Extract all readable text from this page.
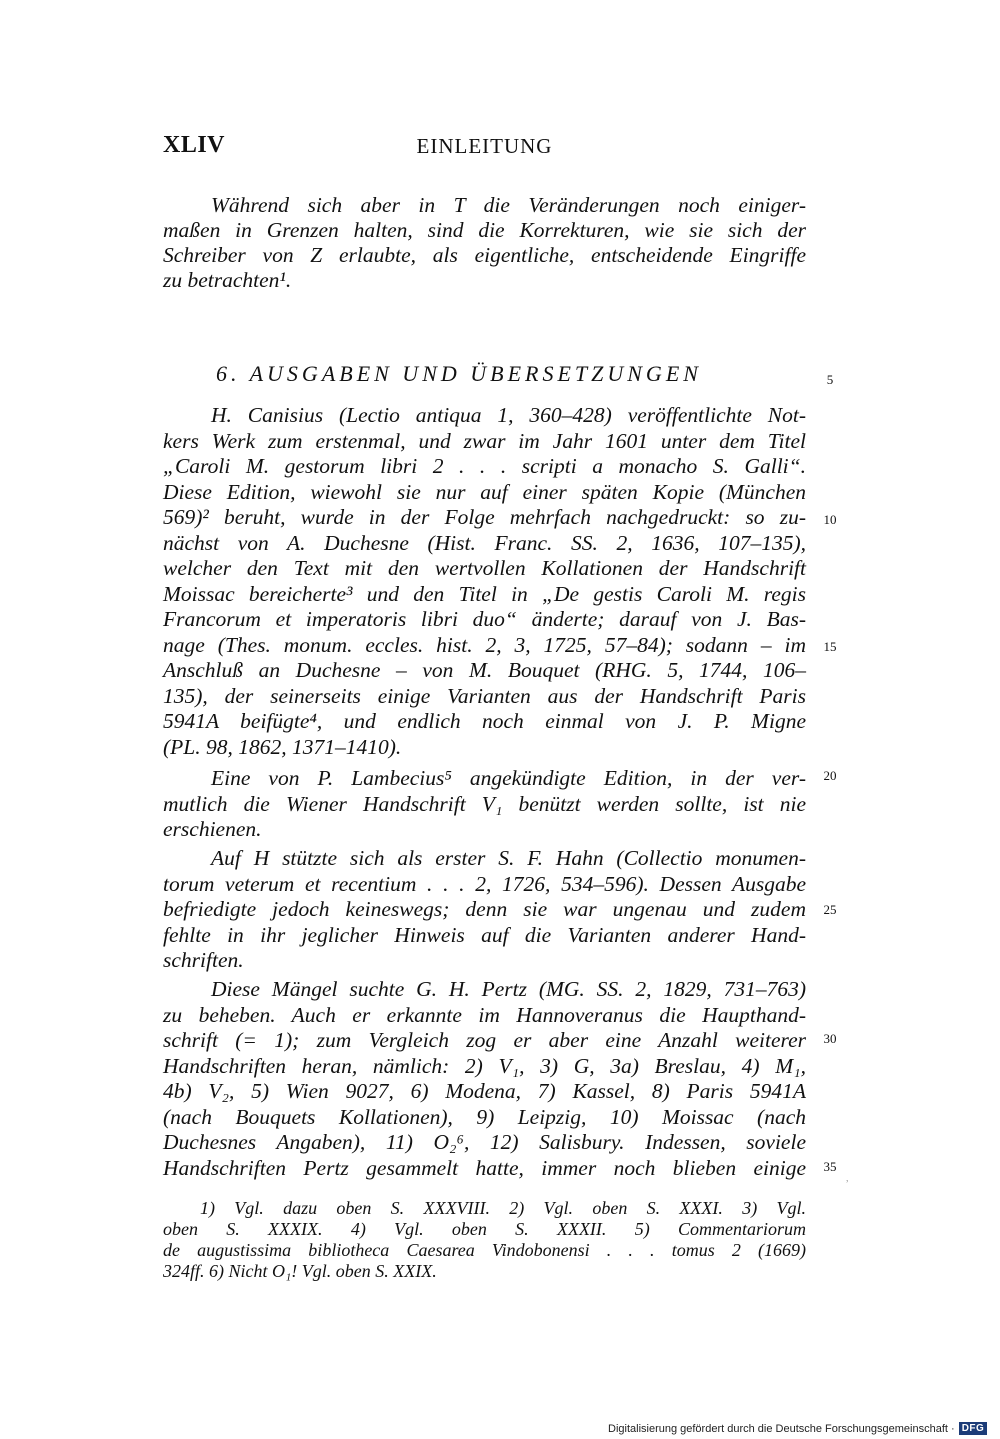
XLIV	EINLEITUNG
Während sich aber in T die Veränderungen noch einiger-
maßen in Grenzen halten, sind die Korrekturen, wie sie sich der
Schreiber von Z erlaubte, als eigentliche, entscheidende Eingriffe
zu betrachten¹.
6. AUSGABEN UND ÜBERSETZUNGEN	5
H. Canisius (Lectio antiqua 1, 360–428) veröffentlichte Not-
kers Werk zum erstenmal, und zwar im Jahr 1601 unter dem Titel
„Caroli M. gestorum libri 2 . . . scripti a monacho S. Galli“.
Diese Edition, wiewohl sie nur auf einer späten Kopie (München
569)² beruht, wurde in der Folge mehrfach nachgedruckt: so zu-
nächst von A. Duchesne (Hist. Franc. SS. 2, 1636, 107–135),
welcher den Text mit den wertvollen Kollationen der Handschrift
Moissac bereicherte³ und den Titel in „De gestis Caroli M. regis
Francorum et imperatoris libri duo“ änderte; darauf von J. Bas-
nage (Thes. monum. eccles. hist. 2, 3, 1725, 57–84); sodann – im
Anschluß an Duchesne – von M. Bouquet (RHG. 5, 1744, 106–
135), der seinerseits einige Varianten aus der Handschrift Paris
5941A beifügte⁴, und endlich noch einmal von J. P. Migne
(PL. 98, 1862, 1371–1410).
10
15
Eine von P. Lambecius⁵ angekündigte Edition, in der ver-
mutlich die Wiener Handschrift V₁ benützt werden sollte, ist nie
erschienen.
20
Auf H stützte sich als erster S. F. Hahn (Collectio monumen-
torum veterum et recentium . . . 2, 1726, 534–596). Dessen Ausgabe
befriedigte jedoch keineswegs; denn sie war ungenau und zudem
fehlte in ihr jeglicher Hinweis auf die Varianten anderer Hand-
schriften.
25
Diese Mängel suchte G. H. Pertz (MG. SS. 2, 1829, 731–763)
zu beheben. Auch er erkannte im Hannoveranus die Haupthand-
schrift (= 1); zum Vergleich zog er aber eine Anzahl weiterer
Handschriften heran, nämlich: 2) V₁, 3) G, 3a) Breslau, 4) M₁,
4b) V₂, 5) Wien 9027, 6) Modena, 7) Kassel, 8) Paris 5941A
(nach Bouquets Kollationen), 9) Leipzig, 10) Moissac (nach
Duchesnes Angaben), 11) O₂⁶, 12) Salisbury. Indessen, soviele
Handschriften Pertz gesammelt hatte, immer noch blieben einige
30
35
,
1) Vgl. dazu oben S. XXXVIII. 2) Vgl. oben S. XXXI. 3) Vgl.
oben S. XXXIX. 4) Vgl. oben S. XXXII. 5) Commentariorum
de augustissima bibliotheca Caesarea Vindobonensi . . . tomus 2 (1669)
324ff. 6) Nicht O₁! Vgl. oben S. XXIX.
Digitalisierung gefördert durch die Deutsche Forschungsgemeinschaft · DFG
